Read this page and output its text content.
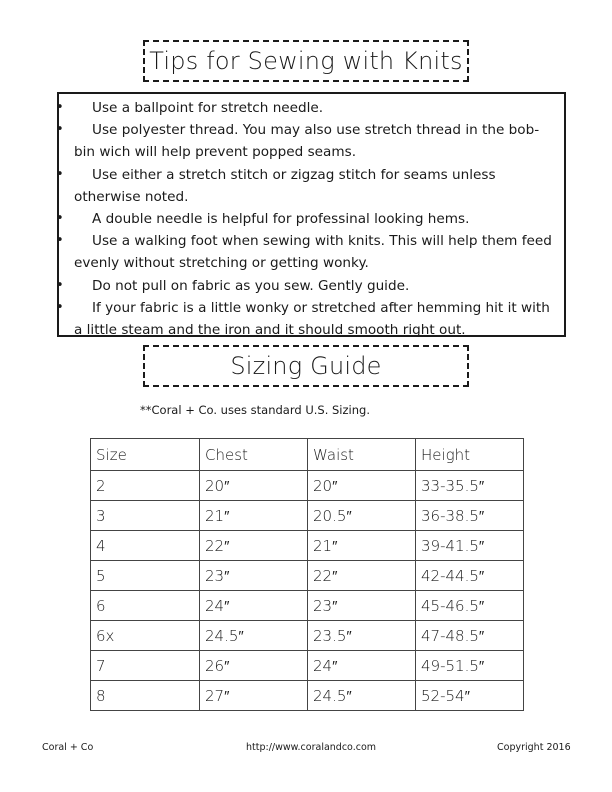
Tips for Sewing with Knits
• Use a ballpoint for stretch needle.
• Use polyester thread. You may also use stretch thread in the bob-bin wich will help prevent popped seams.
• Use either a stretch stitch or zigzag stitch for seams unless otherwise noted.
• A double needle is helpful for professinal looking hems.
• Use a walking foot when sewing with knits. This will help them feed evenly without stretching or getting wonky.
• Do not pull on fabric as you sew. Gently guide.
• If your fabric is a little wonky or stretched after hemming hit it with a little steam and the iron and it should smooth right out.
Sizing Guide
**Coral + Co. uses standard U.S. Sizing.
Size	Chest	Waist	Height
2	20″	20″	33-35.5″
3	21″	20.5″	36-38.5″
4	22″	21″	39-41.5″
5	23″	22″	42-44.5″
6	24″	23″	45-46.5″
6x	24.5″	23.5″	47-48.5″
7	26″	24″	49-51.5″
8	27″	24.5″	52-54″
Coral + Co	http://www.coralandco.com	Copyright 2016
